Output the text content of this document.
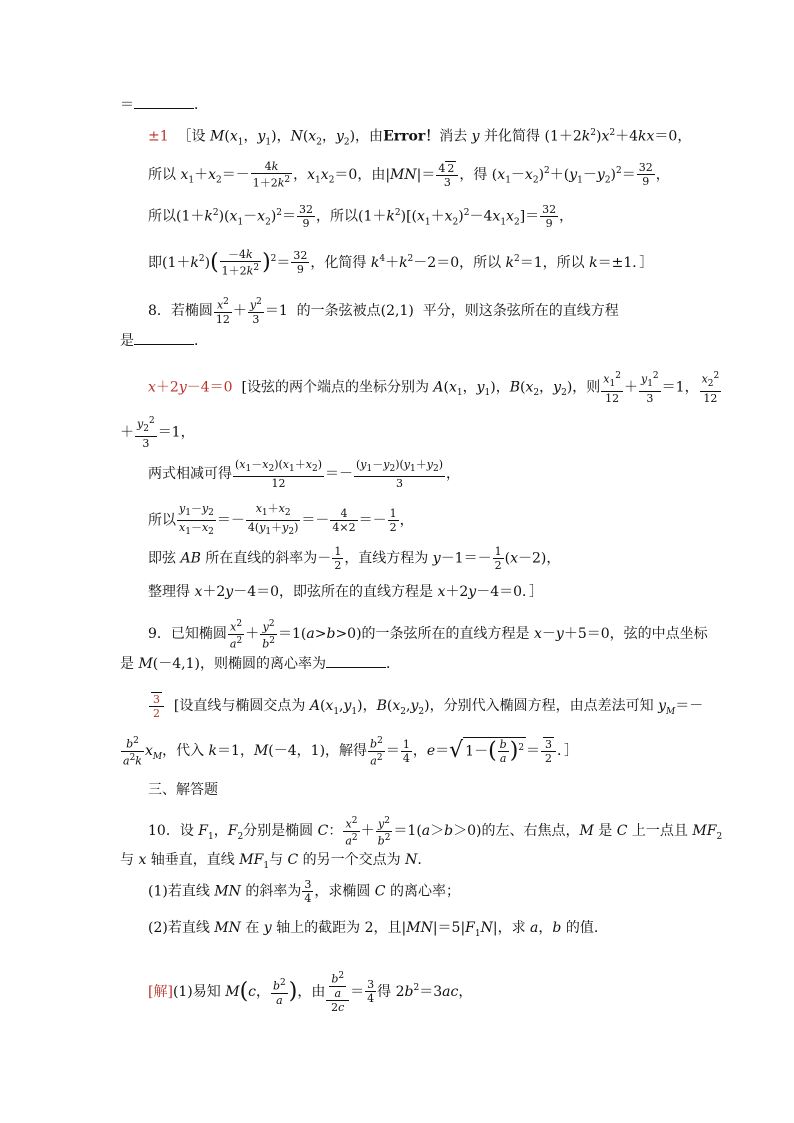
＝	．
±1  ［设 $M(x_1$，$y_1$)，$N(x_2$，$y_2$)，由Error！消去 y 并化简得 $(1+2k^2)x^2+4kx=0$，
所以 $x_1+x_2=- \frac{4k}{1+2k^2}$ ，$x_1x_2=0$，由$|MN|= \frac{4 2}{3}$ ，得 $(x_1-x_2)^2+(y_1-y_2)^2= \frac{32}{9}$ ，
所以$(1+k^2)(x_1-x_2)^2= \frac{32}{9}$ ，所以$(1+k^2)[(x_1+x_2)^2-4x_1x_2]= \frac{32}{9}$ ，
即$(1+k^2)( \frac{-4k}{1+2k^2} )^2= \frac{32}{9}$ ，化简得 $k^4+k^2-2=0$，所以 $k^2=1$，所以 k＝±1．］
8．若椭圆 $\frac{x^2}{12} + \frac{y^2}{3} =1$  的一条弦被点(2,1)  平分，则这条弦所在的直线方程
是	．
x＋2y－4＝0  [设弦的两个端点的坐标分别为 $A(x_1$，$y_1$)，$B(x_2$，$y_2$)，则 $\frac{x_1^2}{12} + \frac{y_1^2}{3} =1$， $\frac{x_2^2}{12}$
＋ $\frac{y_2^2}{3} =1$，
两式相减可得 $\frac{(x_1-x_2)(x_1+x_2)}{12} =- \frac{(y_1-y_2)(y_1+y_2)}{3}$ ，
所以 $\frac{y_1-y_2}{x_1-x_2} =- \frac{x_1+x_2}{4(y_1+y_2)} =- \frac{4}{4\times 2} =- \frac{1}{2}$ ，
即弦 AB 所在直线的斜率为－ $\frac{1}{2}$ ，直线方程为 $y-1=- \frac{1}{2} (x-2)$，
整理得 x＋2y－4＝0，即弦所在的直线方程是 x＋2y－4＝0．］
9．已知椭圆 $\frac{x^2}{a^2} + \frac{y^2}{b^2} =1(a>b>0)$的一条弦所在的直线方程是 x－y＋5＝0，弦的中点坐标
是 M(－4,1)，则椭圆的离心率为	．
$\frac{3}{2}$ [设直线与椭圆交点为 $A(x_1,y_1)$，$B(x_2,y_2)$，分别代入椭圆方程，由点差法可知 $y_M=-$
$\frac{b^2}{a^2k} x_M$，代入 k＝1，M(－4，1)，解得 $\frac{b^2}{a^2} = \frac{1}{4}$ ，e＝√ $1-( \frac{b}{a} )^2 = \frac{3}{2}$ ．］
三、解答题
10．设 $F_1$，$F_2$分别是椭圆 C： $\frac{x^2}{a^2} + \frac{y^2}{b^2} =1(a>b>0)$的左、右焦点，M 是 C 上一点且 $MF_2$
与 x 轴垂直，直线 $MF_1$与 C 的另一个交点为 N.
(1)若直线 MN 的斜率为 $\frac{3}{4}$ ，求椭圆 C 的离心率；
(2)若直线 MN 在 y 轴上的截距为 2，且$|MN|=5|F_1N|$，求 a，b 的值.
[解](1)易知 M(c， $\frac{b^2}{a}$ )，由 $\frac{\frac{b^2}{a}}{2c} = \frac{3}{4}$ 得 $2b^2=3ac$，
